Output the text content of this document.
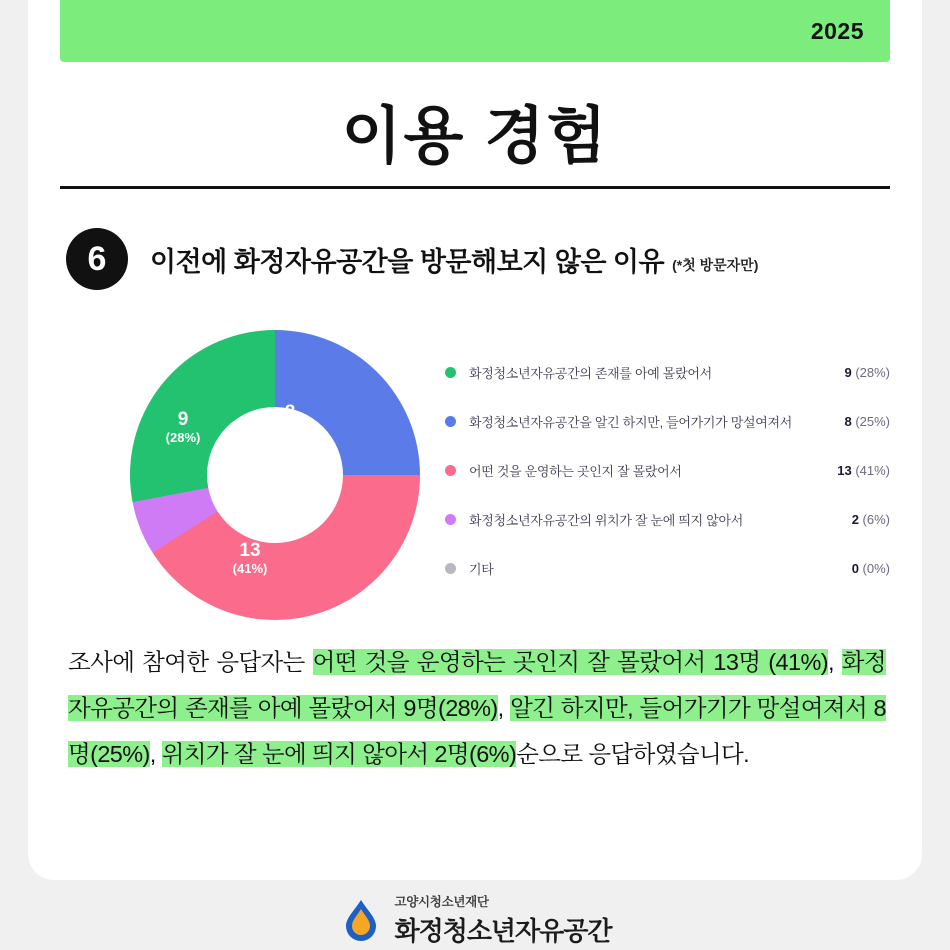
2025
이용 경험
6	이전에 화정자유공간을 방문해보지 않은 이유 (*첫 방문자만)
8
(25%)
13
(41%)
9
(28%)
화정청소년자유공간의 존재를 아예 몰랐어서	9 (28%)
화정청소년자유공간을 알긴 하지만, 들어가기가 망설여져서	8 (25%)
어떤 것을 운영하는 곳인지 잘 몰랐어서	13 (41%)
화정청소년자유공간의 위치가 잘 눈에 띄지 않아서	2 (6%)
기타	0 (0%)
조사에 참여한 응답자는 어떤 것을 운영하는 곳인지 잘 몰랐어서 13명 (41%), 화정자유공간의 존재를 아예 몰랐어서 9명(28%), 알긴 하지만, 들어가기가 망설여져서 8명(25%), 위치가 잘 눈에 띄지 않아서 2명(6%)순으로 응답하였습니다.
고양시청소년재단
화정청소년자유공간
